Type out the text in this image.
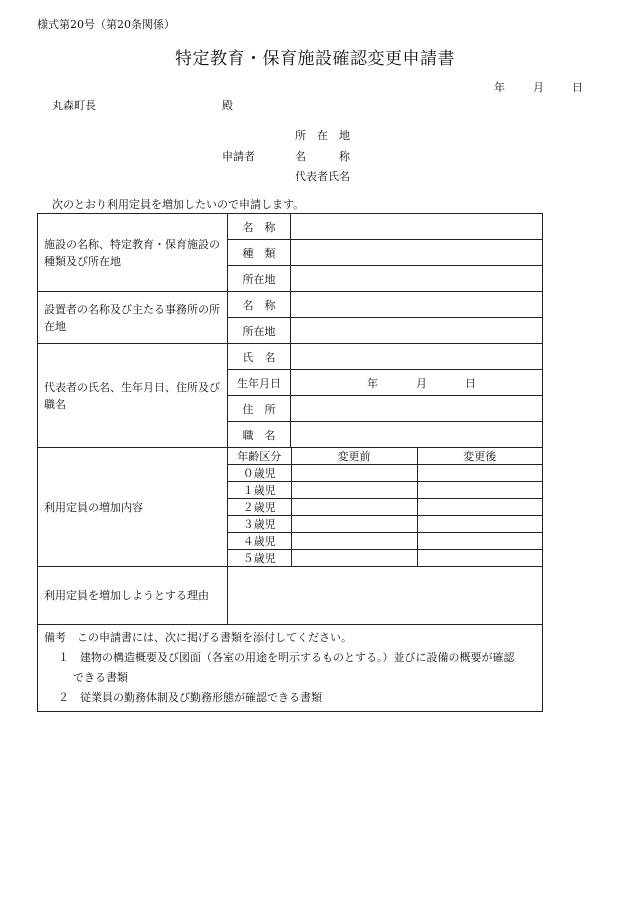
様式第20号（第20条関係）
特定教育・保育施設確認変更申請書
年	月	日
丸森町長	殿
申請者
所　在　地
名　　　称
代表者氏名
次のとおり利用定員を増加したいので申請します。
施設の名称、特定教育・保育施設の種類及び所在地	名　称	
種　類	
所在地	
設置者の名称及び主たる事務所の所在地	名　称	
所在地	
代表者の氏名、生年月日、住所及び職名	氏　名	
生年月日	年	月	日
住　所	
職　名	
利用定員の増加内容	
年齢区分	変更前	変更後
０歳児		
１歳児		
２歳児		
３歳児		
４歳児		
５歳児		

利用定員を増加しようとする理由	

備考　この申請書には、次に掲げる書類を添付してください。
１　建物の構造概要及び図面（各室の用途を明示するものとする。）並びに設備の概要が確認
できる書類
２　従業員の勤務体制及び勤務形態が確認できる書類
